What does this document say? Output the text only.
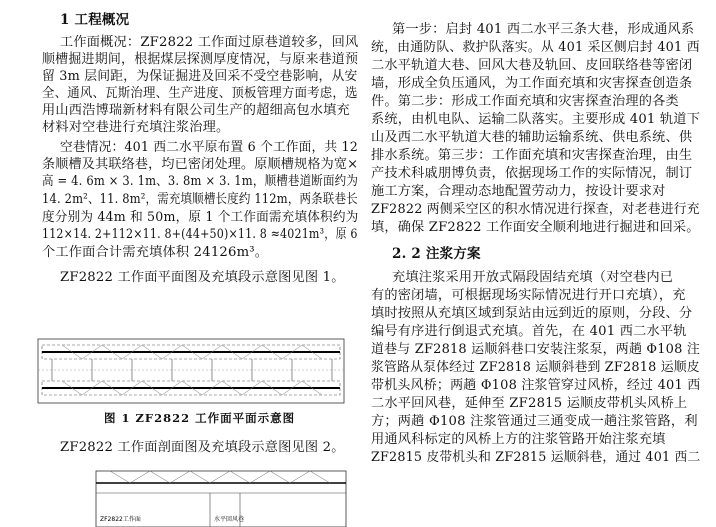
1 工程概况
工作面概况：ZF2822 工作面过原巷道较多，回风
顺槽掘进期间，根据煤层探测厚度情况，与原来巷道预
留 3m 层间距，为保证掘进及回采不受空巷影响，从安
全、通风、瓦斯治理、生产进度、顶板管理方面考虑，选
用山西浩博瑞新材料有限公司生产的超细高包水填充
材料对空巷进行充填注浆治理。
空巷情况：401 西二水平原布置 6 个工作面，共 12
条顺槽及其联络巷，均已密闭处理。原顺槽规格为宽×
高 = 4. 6m × 3. 1m、3. 8m × 3. 1m，顺槽巷道断面约为
14. 2m²、11. 8m²，需充填顺槽长度约 112m，两条联巷长
度分别为 44m 和 50m，原 1 个工作面需充填体积约为
112×14. 2+112×11. 8+(44+50)×11. 8 ≈4021m³，原 6
个工作面合计需充填体积 24126m³。
ZF2822 工作面平面图及充填段示意图见图 1。
图 1 ZF2822 工作面平面示意图
ZF2822 工作面剖面图及充填段示意图见图 2。
ZF2822工作面	水平回风巷
第一步：启封 401 西二水平三条大巷，形成通风系
统，由通防队、救护队落实。从 401 采区侧启封 401 西
二水平轨道大巷、回风大巷及轨回、皮回联络巷等密闭
墙，形成全负压通风，为工作面充填和灾害探查创造条
件。第二步：形成工作面充填和灾害探查治理的各类
系统，由机电队、运输二队落实。主要形成 401 轨道下
山及西二水平轨道大巷的辅助运输系统、供电系统、供
排水系统。第三步：工作面充填和灾害探查治理，由生
产技术科戚朋博负责，依据现场工作的实际情况，制订
施工方案，合理动态地配置劳动力，按设计要求对
ZF2822 两侧采空区的积水情况进行探查，对老巷进行充
填，确保 ZF2822 工作面安全顺利地进行掘进和回采。
2. 2 注浆方案
充填注浆采用开放式隔段固结充填（对空巷内已
有的密闭墙，可根据现场实际情况进行开口充填），充
填时按照从充填区域到泵站由远到近的原则，分段、分
编号有序进行倒退式充填。首先，在 401 西二水平轨
道巷与 ZF2818 运顺斜巷口安装注浆泵，两趟 Φ108 注
浆管路从泵体经过 ZF2818 运顺斜巷到 ZF2818 运顺皮
带机头风桥；两趟 Φ108 注浆管穿过风桥，经过 401 西
二水平回风巷，延伸至 ZF2815 运顺皮带机头风桥上
方；两趟 Φ108 注浆管通过三通变成一趟注浆管路，利
用通风科标定的风桥上方的注浆管路开始注浆充填
ZF2815 皮带机头和 ZF2815 运顺斜巷，通过 401 西二
